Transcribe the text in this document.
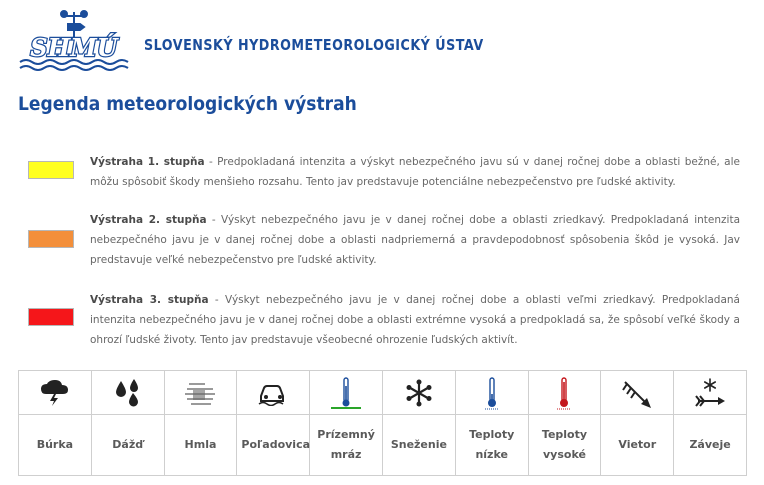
SHMÚ SLOVENSKÝ HYDROMETEOROLOGICKÝ ÚSTAV
Legenda meteorologických výstrah
Výstraha 1. stupňa - Predpokladaná intenzita a výskyt nebezpečného javu sú v danej ročnej dobe a oblasti bežné, ale môžu spôsobiť škody menšieho rozsahu. Tento jav predstavuje potenciálne nebezpečenstvo pre ľudské aktivity.
Výstraha 2. stupňa - Výskyt nebezpečného javu je v danej ročnej dobe a oblasti zriedkavý. Predpokladaná intenzita nebezpečného javu je v danej ročnej dobe a oblasti nadpriemerná a pravdepodobnosť spôsobenia škôd je vysoká. Jav predstavuje veľké nebezpečenstvo pre ľudské aktivity.
Výstraha 3. stupňa - Výskyt nebezpečného javu je v danej ročnej dobe a oblasti veľmi zriedkavý. Predpokladaná intenzita nebezpečného javu je v danej ročnej dobe a oblasti extrémne vysoká a predpokladá sa, že spôsobí veľké škody a ohrozí ľudské životy. Tento jav predstavuje všeobecné ohrozenie ľudských aktivít.

Búrka	Dážď	Hmla	Poľadovica	Prízemný mráz	Sneženie	Teploty nízke	Teploty vysoké	Vietor	Záveje
